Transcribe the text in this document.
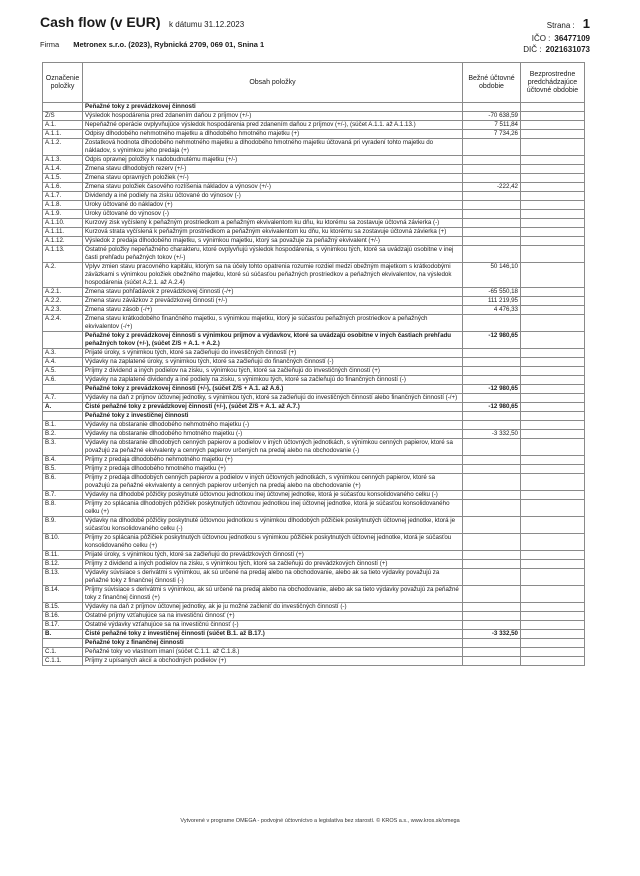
Cash flow (v EUR) k dátumu 31.12.2023
Firma Metronex s.r.o. (2023), Rybnická 2709, 069 01, Snina 1
Strana : 1
IČO : 36477109
DIČ : 2021631073
Označenie položky	Obsah položky	Bežné účtovné obdobie	Bezprostredne predchádzajúce účtovné obdobie
	Peňažné toky z prevádzkovej činnosti		
Z/S	Výsledok hospodárenia pred zdanením daňou z príjmov (+/-)	-70 638,59	
A.1.	Nepeňažné operácie ovplyvňujúce výsledok hospodárenia pred zdanením daňou z príjmov (+/-), (súčet A.1.1. až A.1.13.)	7 511,84	
A.1.1.	Odpisy dlhodobého nehmotného majetku a dlhodobého hmotného majetku (+)	7 734,26	
A.1.2.	Zostatková hodnota dlhodobého nehmotného majetku a dlhodobého hmotného majetku účtovaná pri vyradení tohto majetku do nákladov, s výnimkou jeho predaja (+)		
A.1.3.	Odpis opravnej položky k nadobudnutému majetku (+/-)		
A.1.4.	Zmena stavu dlhodobých rezerv (+/-)		
A.1.5.	Zmena stavu opravných položiek (+/-)		
A.1.6.	Zmena stavu položiek časového rozlíšenia nákladov a výnosov (+/-)	-222,42	
A.1.7.	Dividendy a iné podiely na zisku účtované do výnosov (-)		
A.1.8.	Úroky účtované do nákladov (+)		
A.1.9.	Úroky účtované do výnosov (-)		
A.1.10.	Kurzový zisk vyčíslený k peňažným prostriedkom a peňažným ekvivalentom ku dňu, ku ktorému sa zostavuje účtovná závierka (-)		
A.1.11.	Kurzová strata vyčíslená k peňažným prostriedkom a peňažným ekvivalentom ku dňu, ku ktorému sa zostavuje účtovná závierka (+)		
A.1.12.	Výsledok z predaja dlhodobého majetku, s výnimkou majetku, ktorý sa považuje za peňažný ekvivalent (+/-)		
A.1.13.	Ostatné položky nepeňažného charakteru, ktoré ovplyvňujú výsledok hospodárenia, s výnimkou tých, ktoré sa uvádzajú osobitne v inej časti prehľadu peňažných tokov (+/-)		
A.2.	Vplyv zmien stavu pracovného kapitálu, ktorým sa na účely tohto opatrenia rozumie rozdiel medzi obežným majetkom s krátkodobými záväzkami s výnimkou položiek obežného majetku, ktoré sú súčasťou peňažných prostriedkov a peňažných ekvivalentov, na výsledok hospodárenia (súčet A.2.1. až A.2.4)	50 146,10	
A.2.1.	Zmena stavu pohľadávok z prevádzkovej činnosti (-/+)	-65 550,18	
A.2.2.	Zmena stavu záväzkov z prevádzkovej činnosti (+/-)	111 219,95	
A.2.3.	Zmena stavu zásob (-/+)	4 476,33	
A.2.4.	Zmena stavu krátkodobého finančného majetku, s výnimkou majetku, ktorý je súčasťou peňažných prostriedkov a peňažných ekvivalentov (-/+)		
	Peňažné toky z prevádzkovej činnosti s výnimkou príjmov a výdavkov, ktoré sa uvádzajú osobitne v iných častiach prehľadu peňažných tokov (+/-), (súčet Z/S + A.1. + A.2.)	-12 980,65	
A.3.	Prijaté úroky, s výnimkou tých, ktoré sa začleňujú do investičných činností (+)		
A.4.	Výdavky na zaplatené úroky, s výnimkou tých, ktoré sa začleňujú do finančných činností (-)		
A.5.	Príjmy z dividend a iných podielov na zisku, s výnimkou tých, ktoré sa začleňujú do investičných činností (+)		
A.6.	Výdavky na zaplatené dividendy a iné podiely na zisku, s výnimkou tých, ktoré sa začleňujú do finančných činností (-)		
	Peňažné toky z prevádzkovej činnosti (+/-), (súčet Z/S + A.1. až A.6.)	-12 980,65	
A.7.	Výdavky na daň z príjmov účtovnej jednotky, s výnimkou tých, ktoré sa začleňujú do investičných činností alebo finančných činností (-/+)		
A.	Čisté peňažné toky z prevádzkovej činnosti (+/-), (súčet Z/S + A.1. až A.7.)	-12 980,65	
	Peňažné toky z investičnej činnosti		
B.1.	Výdavky na obstaranie dlhodobého nehmotného majetku (-)		
B.2.	Výdavky na obstaranie dlhodobého hmotného majetku (-)	-3 332,50	
B.3.	Výdavky na obstaranie dlhodobých cenných papierov a podielov v iných účtovných jednotkách, s výnimkou cenných papierov, ktoré sa považujú za peňažné ekvivalenty a cenných papierov určených na predaj alebo na obchodovanie (-)		
B.4.	Príjmy z predaja dlhodobého nehmotného majetku (+)		
B.5.	Príjmy z predaja dlhodobého hmotného majetku (+)		
B.6.	Príjmy z predaja dlhodobých cenných papierov a podielov v iných účtovných jednotkách, s výnimkou cenných papierov, ktoré sa považujú za peňažné ekvivalenty a cenných papierov určených na predaj alebo na obchodovanie (+)		
B.7.	Výdavky na dlhodobé pôžičky poskytnuté účtovnou jednotkou inej účtovnej jednotke, ktorá je súčasťou konsolidovaného celku (-)		
B.8.	Príjmy zo splácania dlhodobých pôžičiek poskytnutých účtovnou jednotkou inej účtovnej jednotke, ktorá je súčasťou konsolidovaného celku (+)		
B.9.	Výdavky na dlhodobé pôžičky poskytnuté účtovnou jednotkou s výnimkou dlhodobých pôžičiek poskytnutých účtovnej jednotke, ktorá je súčasťou konsolidovaného celku (-)		
B.10.	Príjmy zo splácania pôžičiek poskytnutých účtovnou jednotkou s výnimkou pôžičiek poskytnutých účtovnej jednotke, ktorá je súčasťou konsolidovaného celku (+)		
B.11.	Prijaté úroky, s výnimkou tých, ktoré sa začleňujú do prevádzkových činností (+)		
B.12.	Príjmy z dividend a iných podielov na zisku, s výnimkou tých, ktoré sa začleňujú do prevádzkových činností (+)		
B.13.	Výdavky súvisiace s derivátmi s výnimkou, ak sú určené na predaj alebo na obchodovanie, alebo ak sa tieto výdavky považujú za peňažné toky z finančnej činnosti (-)		
B.14.	Príjmy súvisiace s derivátmi s výnimkou, ak sú určené na predaj alebo na obchodovanie, alebo ak sa tieto výdavky považujú za peňažné toky z finančnej činnosti (+)		
B.15.	Výdavky na daň z príjmov účtovnej jednotky, ak je ju možné začleniť do investičných činností (-)		
B.16.	Ostatné príjmy vzťahujúce sa na investičnú činnosť (+)		
B.17.	Ostatné výdavky vzťahujúce sa na investičnú činnosť (-)		
B.	Čisté peňažné toky z investičnej činnosti (súčet B.1. až B.17.)	-3 332,50	
	Peňažné toky z finančnej činnosti		
C.1.	Peňažné toky vo vlastnom imaní (súčet C.1.1. až C.1.8.)		
C.1.1.	Príjmy z upísaných akcií a obchodných podielov (+)		
Vytvorené v programe OMEGA - podvojné účtovníctvo a legislatíva bez starostí. © KROS a.s., www.kros.sk/omega
